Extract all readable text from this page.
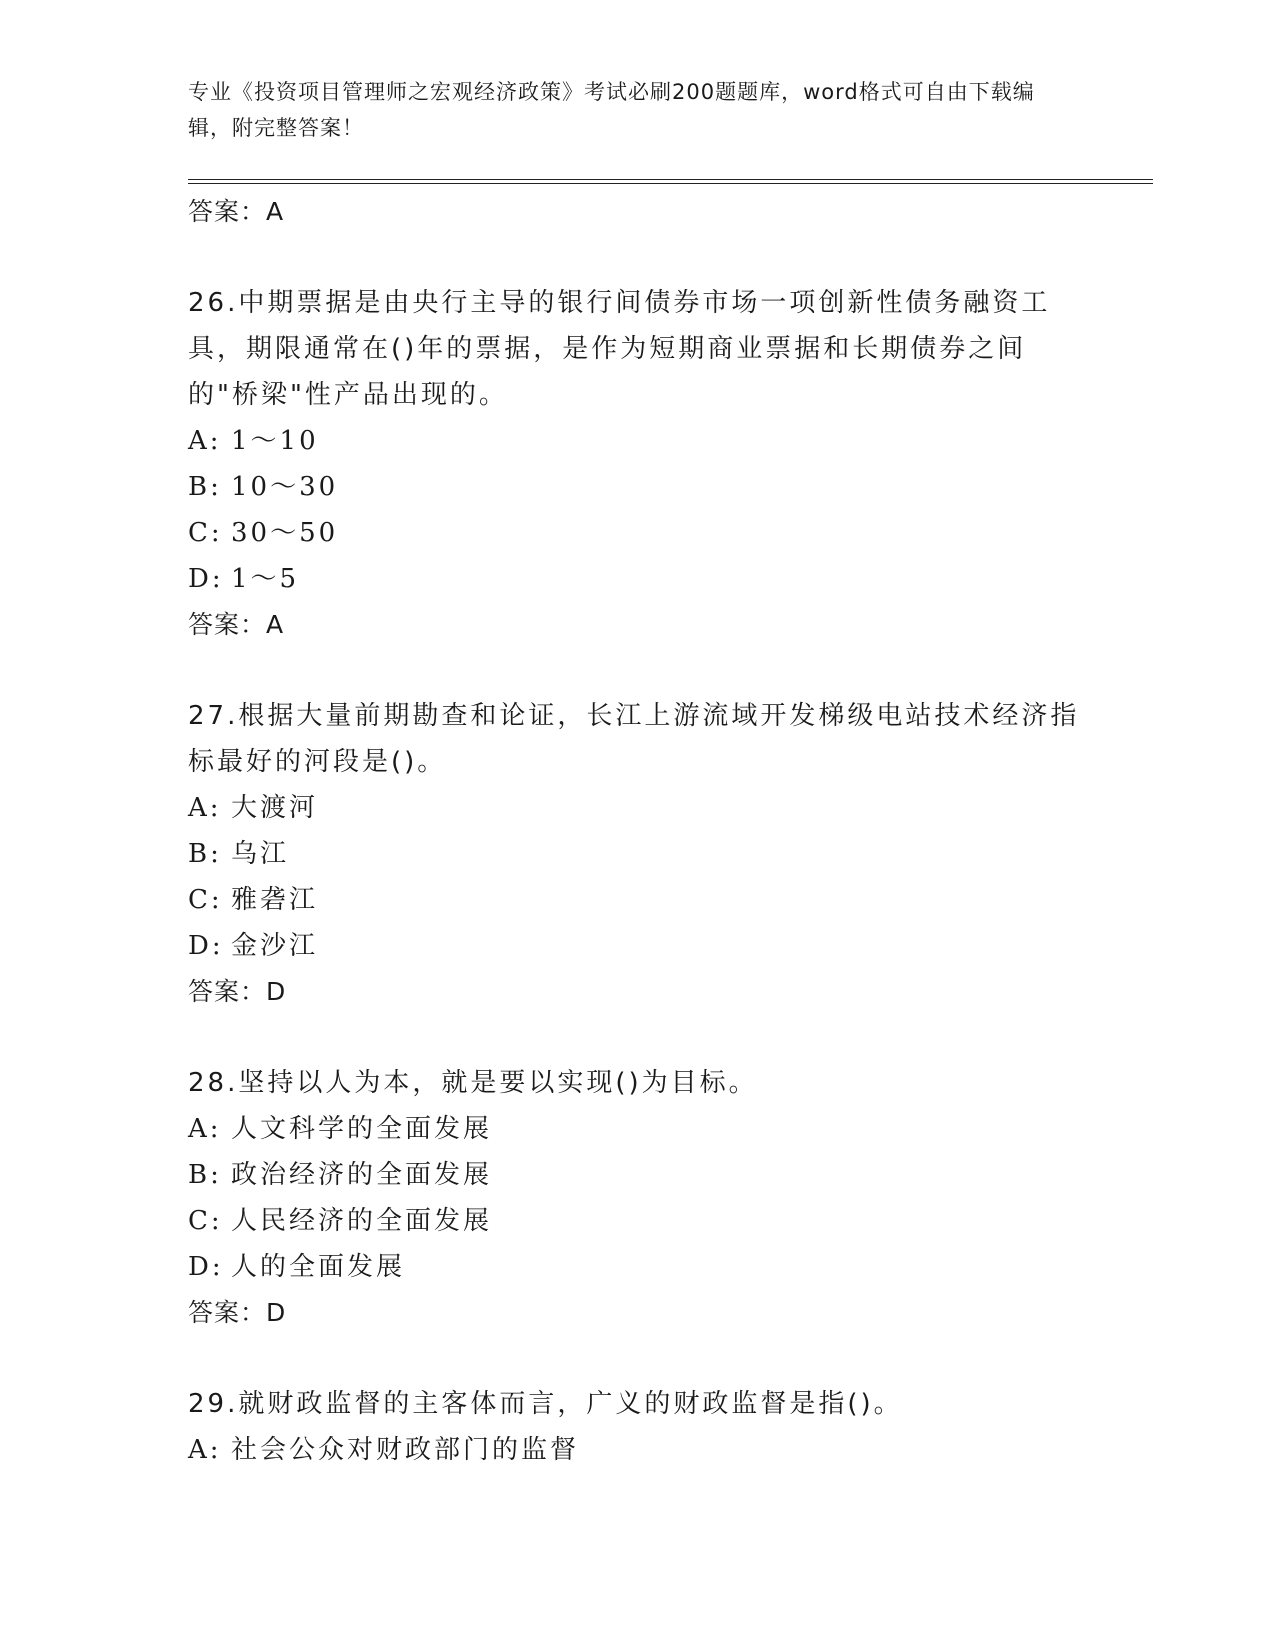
专业《投资项目管理师之宏观经济政策》考试必刷200题题库，word格式可自由下载编辑，附完整答案！
答案：A
26.中期票据是由央行主导的银行间债券市场一项创新性债务融资工具，期限通常在()年的票据，是作为短期商业票据和长期债券之间的"桥梁"性产品出现的。
A: 1～10
B: 10～30
C: 30～50
D: 1～5
答案：A
27.根据大量前期勘查和论证，长江上游流域开发梯级电站技术经济指标最好的河段是()。
A: 大渡河
B: 乌江
C: 雅砻江
D: 金沙江
答案：D
28.坚持以人为本，就是要以实现()为目标。
A: 人文科学的全面发展
B: 政治经济的全面发展
C: 人民经济的全面发展
D: 人的全面发展
答案：D
29.就财政监督的主客体而言，广义的财政监督是指()。
A: 社会公众对财政部门的监督
